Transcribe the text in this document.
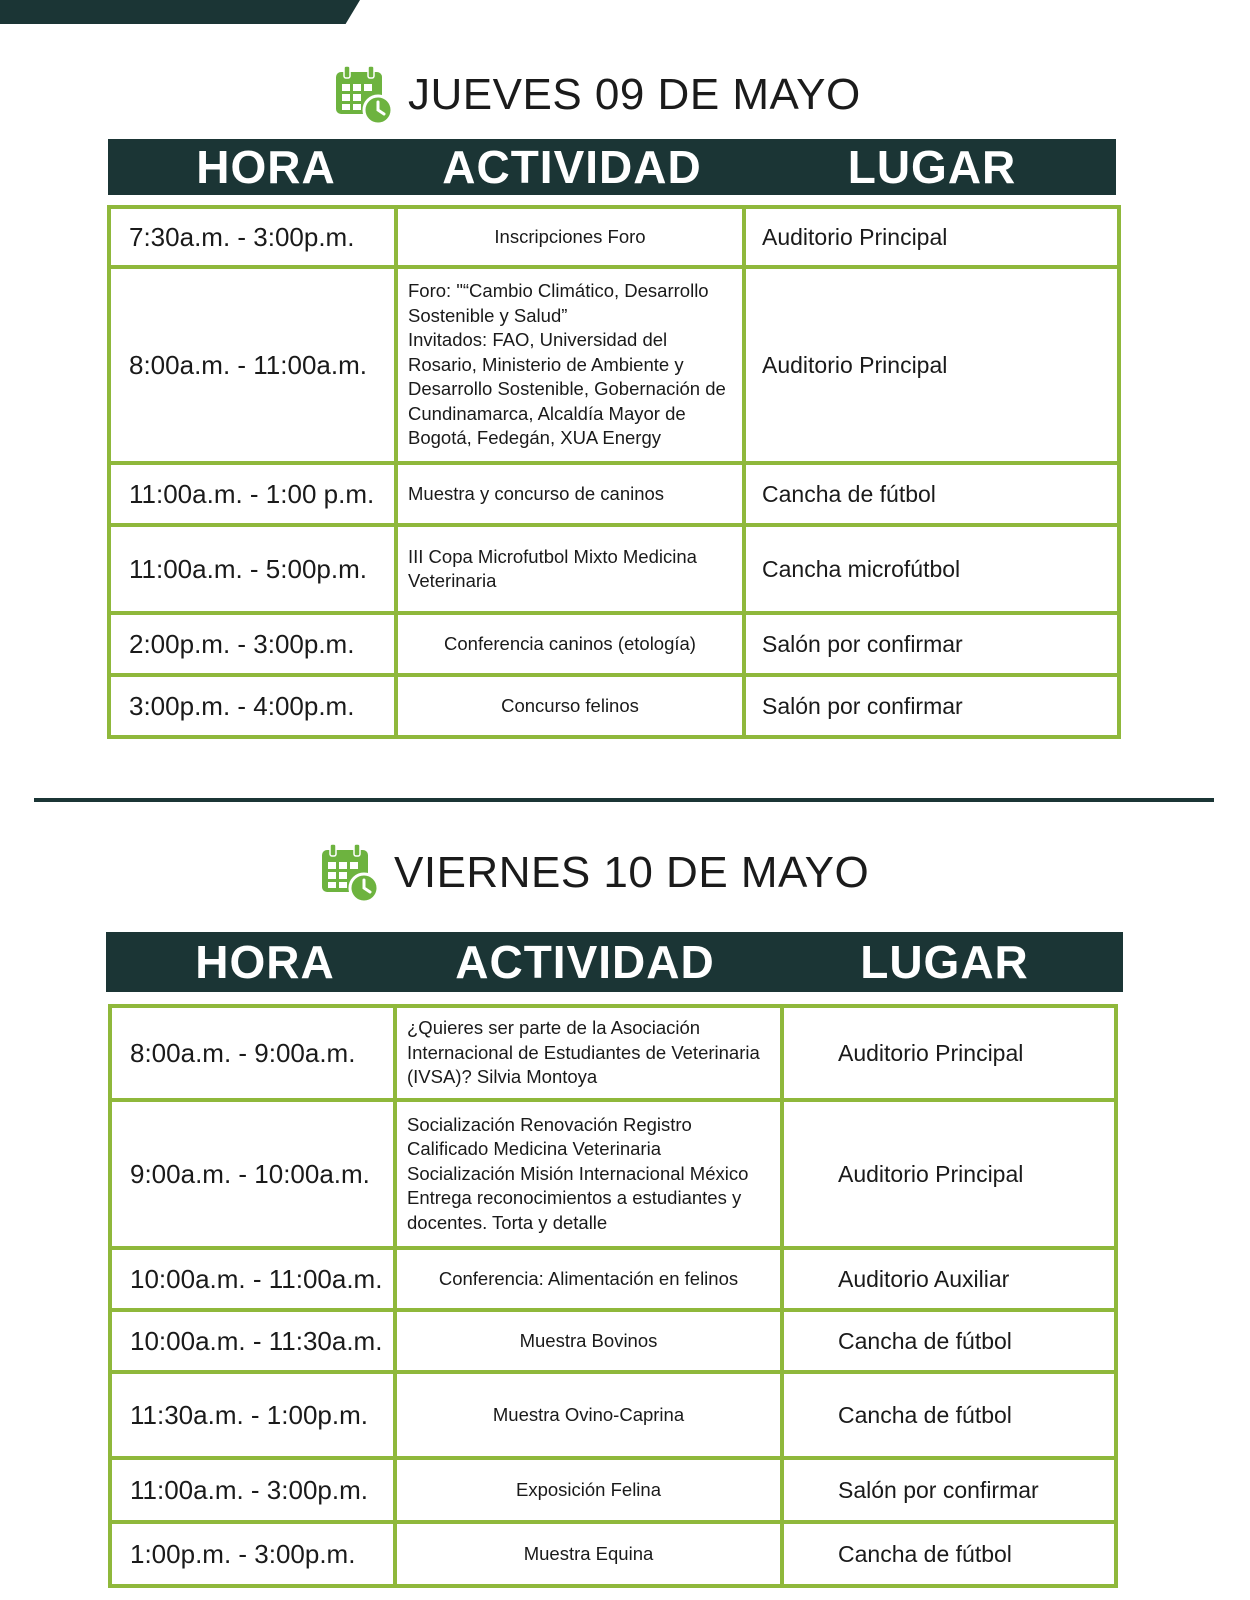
JUEVES 09 DE MAYO
HORA	ACTIVIDAD	LUGAR
7:30a.m. - 3:00p.m.	Inscripciones Foro	Auditorio Principal
8:00a.m. - 11:00a.m.	Foro: "“Cambio Climático, Desarrollo Sostenible y Salud”
Invitados: FAO, Universidad del Rosario, Ministerio de Ambiente y Desarrollo Sostenible, Gobernación de Cundinamarca, Alcaldía Mayor de Bogotá, Fedegán, XUA Energy	Auditorio Principal
11:00a.m. - 1:00 p.m.	Muestra y concurso de caninos	Cancha de fútbol
11:00a.m. - 5:00p.m.	III Copa Microfutbol Mixto Medicina Veterinaria	Cancha microfútbol
2:00p.m. - 3:00p.m.	Conferencia caninos (etología)	Salón por confirmar
3:00p.m. - 4:00p.m.	Concurso felinos	Salón por confirmar
VIERNES 10 DE MAYO
HORA	ACTIVIDAD	LUGAR
8:00a.m. - 9:00a.m.	¿Quieres ser parte de la Asociación Internacional de Estudiantes de Veterinaria (IVSA)? Silvia Montoya	Auditorio Principal
9:00a.m. - 10:00a.m.	Socialización Renovación Registro Calificado Medicina Veterinaria
Socialización Misión Internacional México
Entrega reconocimientos a estudiantes y docentes. Torta y detalle	Auditorio Principal
10:00a.m. - 11:00a.m.	Conferencia: Alimentación en felinos	Auditorio Auxiliar
10:00a.m. - 11:30a.m.	Muestra Bovinos	Cancha de fútbol
11:30a.m. - 1:00p.m.	Muestra Ovino-Caprina	Cancha de fútbol
11:00a.m. - 3:00p.m.	Exposición Felina	Salón por confirmar
1:00p.m. - 3:00p.m.	Muestra Equina	Cancha de fútbol
